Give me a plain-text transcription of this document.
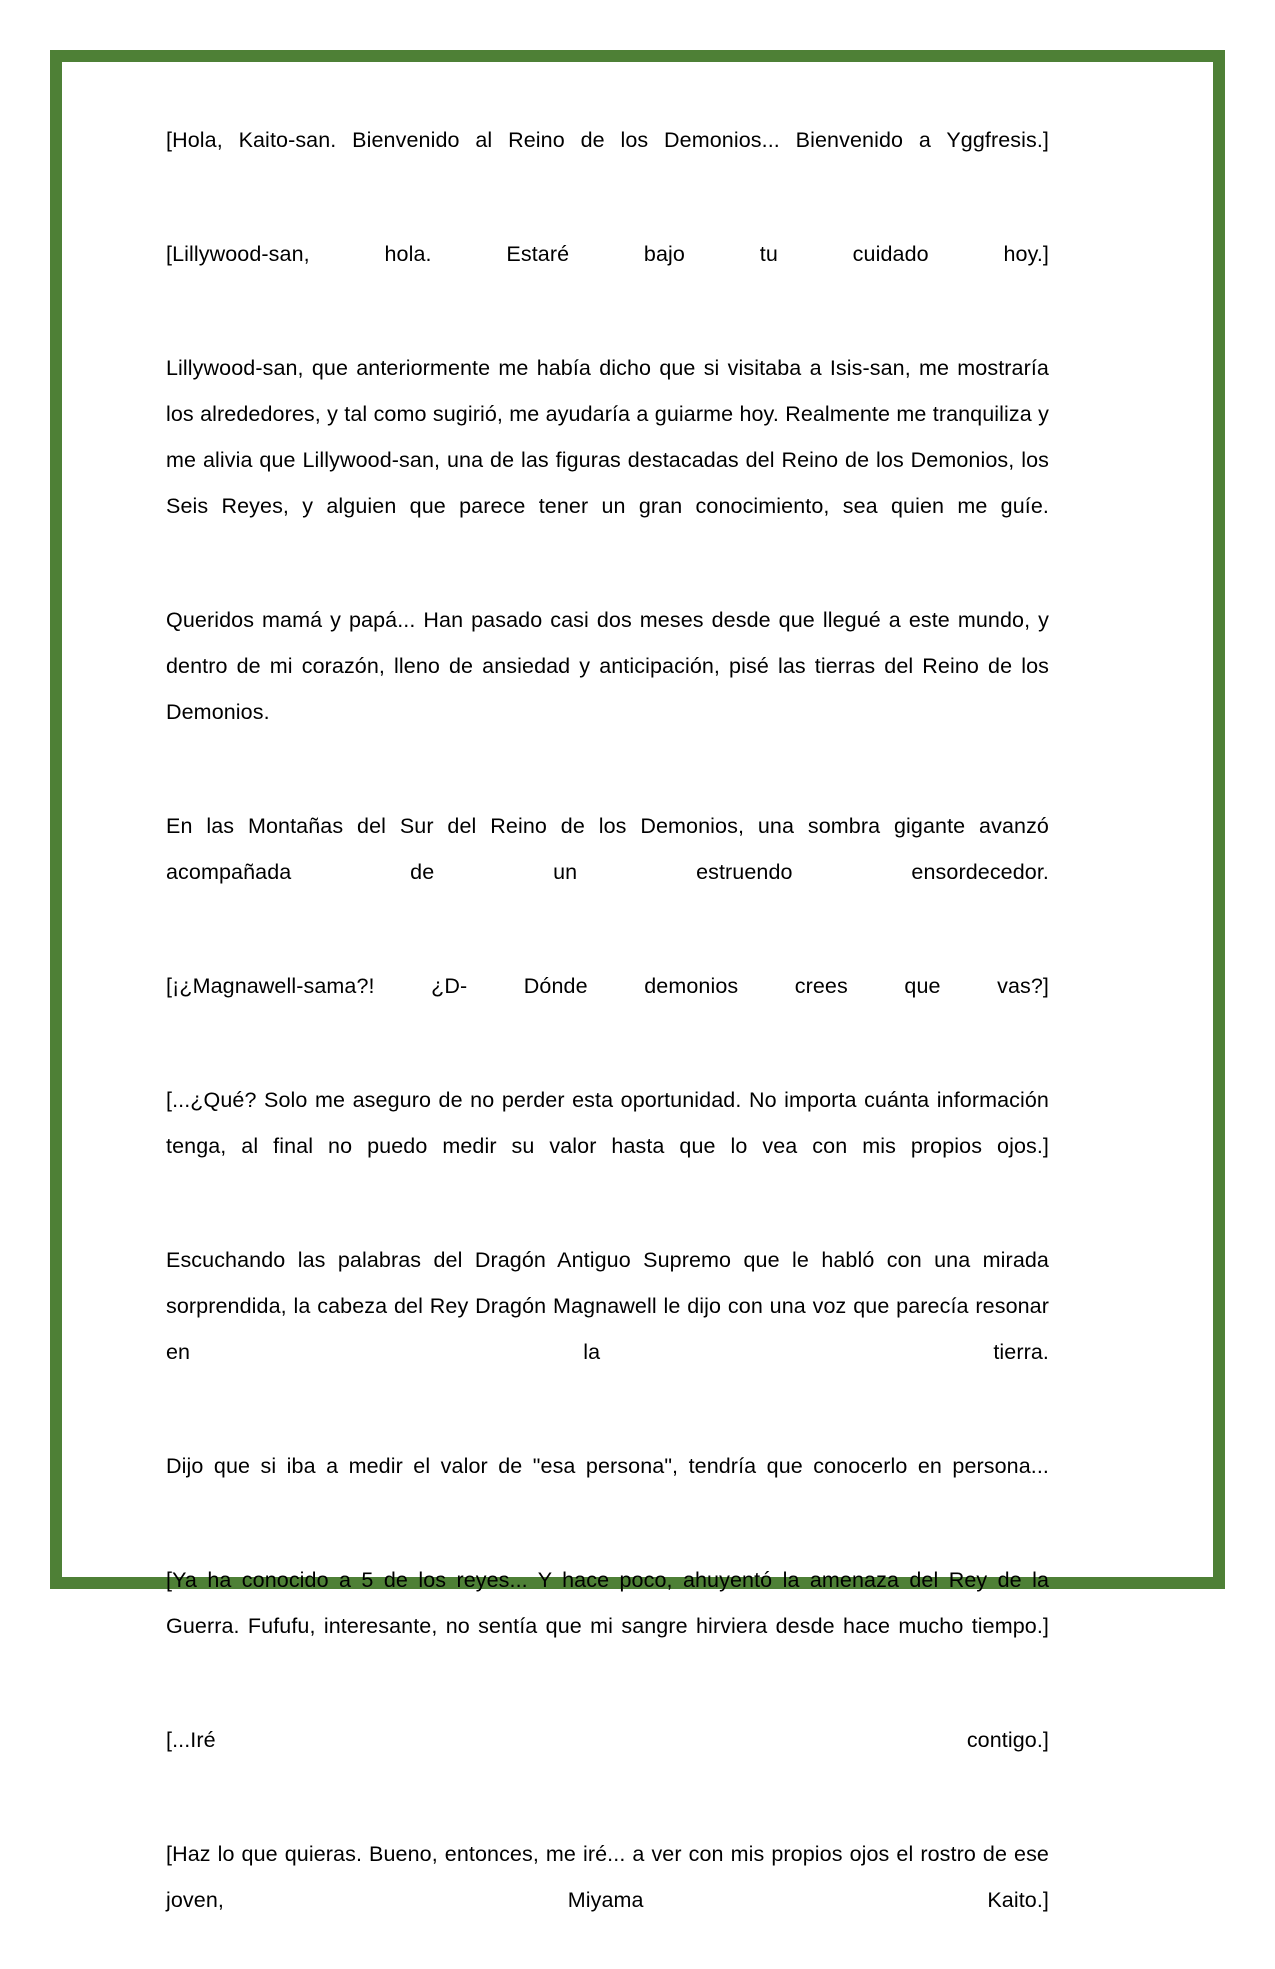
[Hola, Kaito-san. Bienvenido al Reino de los Demonios... Bienvenido a Yggfresis.]

[Lillywood-san, hola. Estaré bajo tu cuidado hoy.]

Lillywood-san, que anteriormente me había dicho que si visitaba a Isis-san, me mostraría los alrededores, y tal como sugirió, me ayudaría a guiarme hoy. Realmente me tranquiliza y me alivia que Lillywood-san, una de las figuras destacadas del Reino de los Demonios, los Seis Reyes, y alguien que parece tener un gran conocimiento, sea quien me guíe.

Queridos mamá y papá... Han pasado casi dos meses desde que llegué a este mundo, y dentro de mi corazón, lleno de ansiedad y anticipación, pisé las tierras del Reino de los Demonios.

En las Montañas del Sur del Reino de los Demonios, una sombra gigante avanzó acompañada de un estruendo ensordecedor.

[¡¿Magnawell-sama?! ¿D- Dónde demonios crees que vas?]

[...¿Qué? Solo me aseguro de no perder esta oportunidad. No importa cuánta información tenga, al final no puedo medir su valor hasta que lo vea con mis propios ojos.]

Escuchando las palabras del Dragón Antiguo Supremo que le habló con una mirada sorprendida, la cabeza del Rey Dragón Magnawell le dijo con una voz que parecía resonar en la tierra.

Dijo que si iba a medir el valor de "esa persona", tendría que conocerlo en persona...

[Ya ha conocido a 5 de los reyes... Y hace poco, ahuyentó la amenaza del Rey de la Guerra. Fufufu, interesante, no sentía que mi sangre hirviera desde hace mucho tiempo.]

[...Iré contigo.]

[Haz lo que quieras. Bueno, entonces, me iré... a ver con mis propios ojos el rostro de ese joven, Miyama Kaito.]
